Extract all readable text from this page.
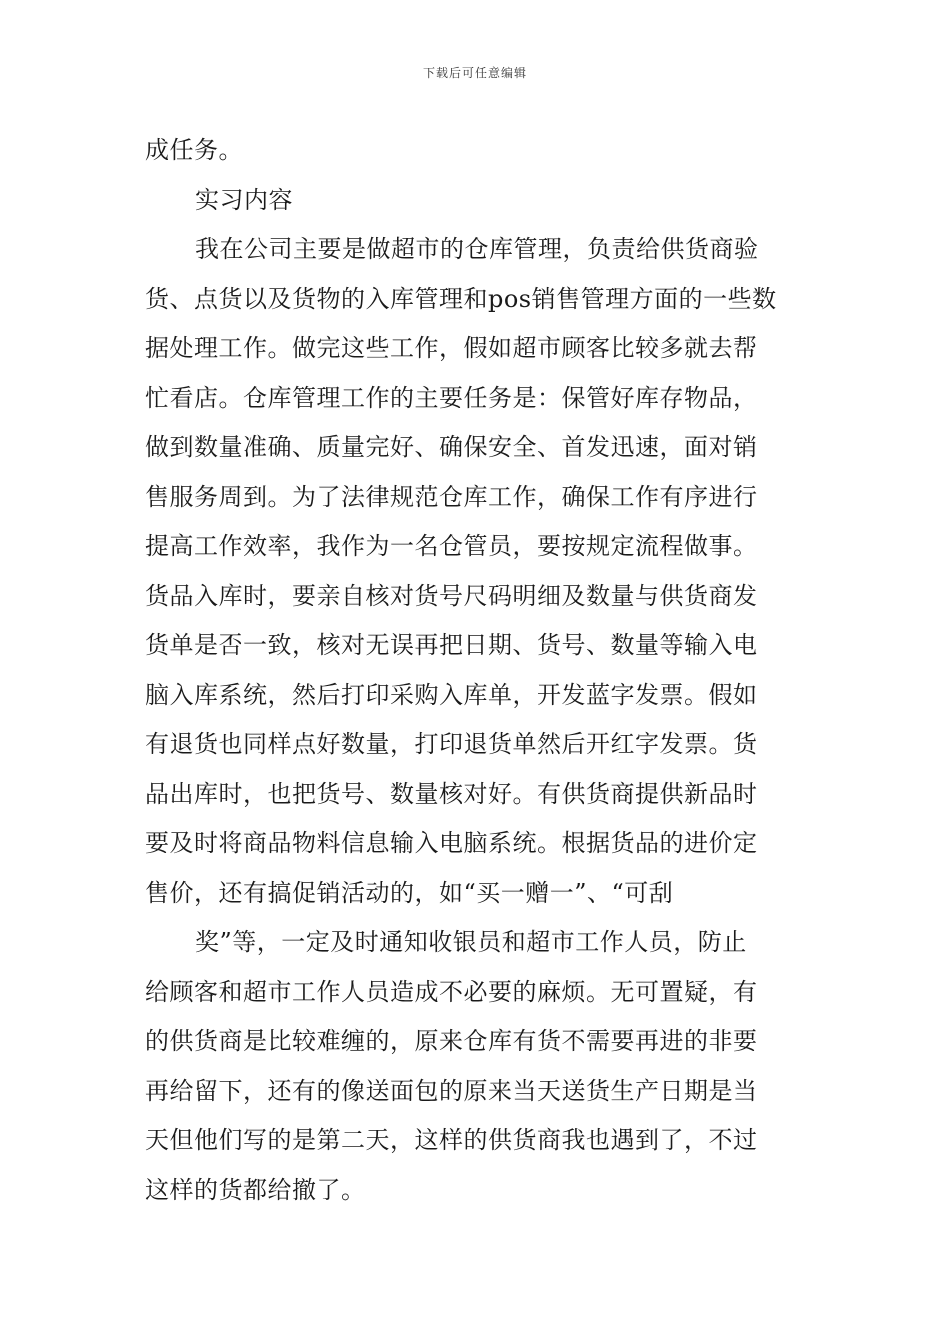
下载后可任意编辑
成任务。
实习内容
我在公司主要是做超市的仓库管理，负责给供货商验
货、点货以及货物的入库管理和pos销售管理方面的一些数
据处理工作。做完这些工作，假如超市顾客比较多就去帮
忙看店。仓库管理工作的主要任务是：保管好库存物品，
做到数量准确、质量完好、确保安全、首发迅速，面对销
售服务周到。为了法律规范仓库工作，确保工作有序进行
提高工作效率，我作为一名仓管员，要按规定流程做事。
货品入库时，要亲自核对货号尺码明细及数量与供货商发
货单是否一致，核对无误再把日期、货号、数量等输入电
脑入库系统，然后打印采购入库单，开发蓝字发票。假如
有退货也同样点好数量，打印退货单然后开红字发票。货
品出库时，也把货号、数量核对好。有供货商提供新品时
要及时将商品物料信息输入电脑系统。根据货品的进价定
售价，还有搞促销活动的，如“买一赠一”、“可刮
奖”等，一定及时通知收银员和超市工作人员，防止
给顾客和超市工作人员造成不必要的麻烦。无可置疑，有
的供货商是比较难缠的，原来仓库有货不需要再进的非要
再给留下，还有的像送面包的原来当天送货生产日期是当
天但他们写的是第二天，这样的供货商我也遇到了，不过
这样的货都给撤了。
